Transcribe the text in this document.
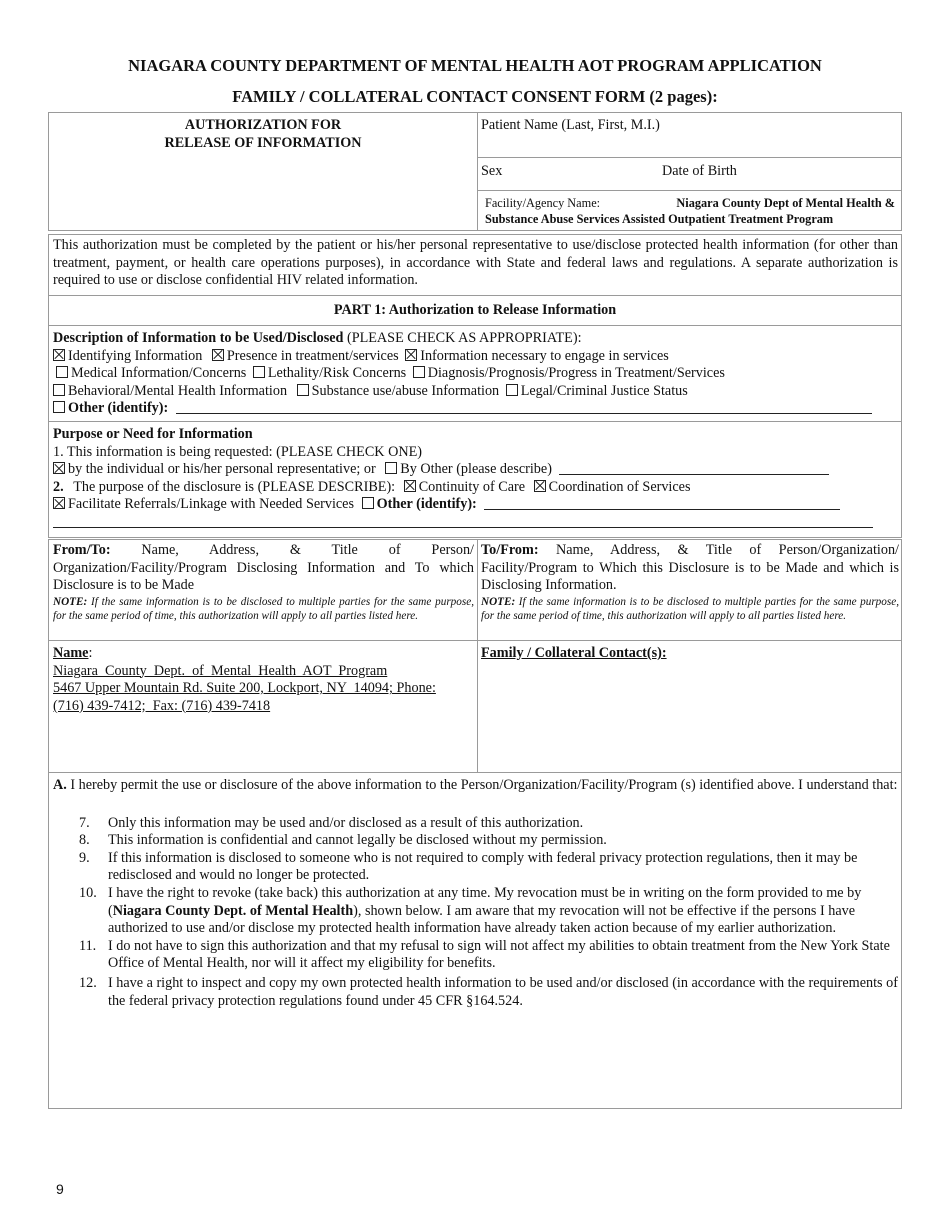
NIAGARA COUNTY DEPARTMENT OF MENTAL HEALTH AOT PROGRAM APPLICATION
FAMILY / COLLATERAL CONTACT CONSENT FORM (2 pages):
AUTHORIZATION FOR
RELEASE OF INFORMATION
Patient Name (Last, First, M.I.)
Sex	Date of Birth
Facility/Agency Name:	Niagara County Dept of Mental Health &
Substance Abuse Services Assisted Outpatient Treatment Program
This authorization must be completed by the patient or his/her personal representative to use/disclose protected health information (for other than treatment, payment, or health care operations purposes), in accordance with State and federal laws and regulations. A separate authorization is required to use or disclose confidential HIV related information.
PART 1: Authorization to Release Information
Description of Information to be Used/Disclosed (PLEASE CHECK AS APPROPRIATE):
Identifying Information Presence in treatment/services Information necessary to engage in services
Medical Information/Concerns Lethality/Risk Concerns Diagnosis/Prognosis/Progress in Treatment/Services
Behavioral/Mental Health Information Substance use/abuse Information Legal/Criminal Justice Status
Other (identify):
Purpose or Need for Information
1. This information is being requested: (PLEASE CHECK ONE)
by the individual or his/her personal representative; or By Other (please describe)
2. The purpose of the disclosure is (PLEASE DESCRIBE): Continuity of Care Coordination of Services
Facilitate Referrals/Linkage with Needed Services Other (identify):
From/To: Name, Address, & Title of Person/ Organization/Facility/Program Disclosing Information and To which Disclosure is to be Made
NOTE: If the same information is to be disclosed to multiple parties for the same purpose, for the same period of time, this authorization will apply to all parties listed here.
To/From: Name, Address, & Title of Person/Organization/ Facility/Program to Which this Disclosure is to be Made and which is Disclosing Information.
NOTE: If the same information is to be disclosed to multiple parties for the same purpose, for the same period of time, this authorization will apply to all parties listed here.
Name:
Niagara  County  Dept.  of  Mental  Health  AOT  Program
5467 Upper Mountain Rd. Suite 200, Lockport, NY  14094; Phone:
(716) 439-7412;  Fax: (716) 439-7418
Family / Collateral Contact(s):
A. I hereby permit the use or disclosure of the above information to the Person/Organization/Facility/Program (s) identified above. I understand that:
7. Only this information may be used and/or disclosed as a result of this authorization.
8. This information is confidential and cannot legally be disclosed without my permission.
9. If this information is disclosed to someone who is not required to comply with federal privacy protection regulations, then it may be redisclosed and would no longer be protected.
10. I have the right to revoke (take back) this authorization at any time. My revocation must be in writing on the form provided to me by (Niagara County Dept. of Mental Health), shown below. I am aware that my revocation will not be effective if the persons I have authorized to use and/or disclose my protected health information have already taken action because of my earlier authorization.
11. I do not have to sign this authorization and that my refusal to sign will not affect my abilities to obtain treatment from the New York State Office of Mental Health, nor will it affect my eligibility for benefits.
12. I have a right to inspect and copy my own protected health information to be used and/or disclosed (in accordance with the requirements of the federal privacy protection regulations found under 45 CFR §164.524.
9
